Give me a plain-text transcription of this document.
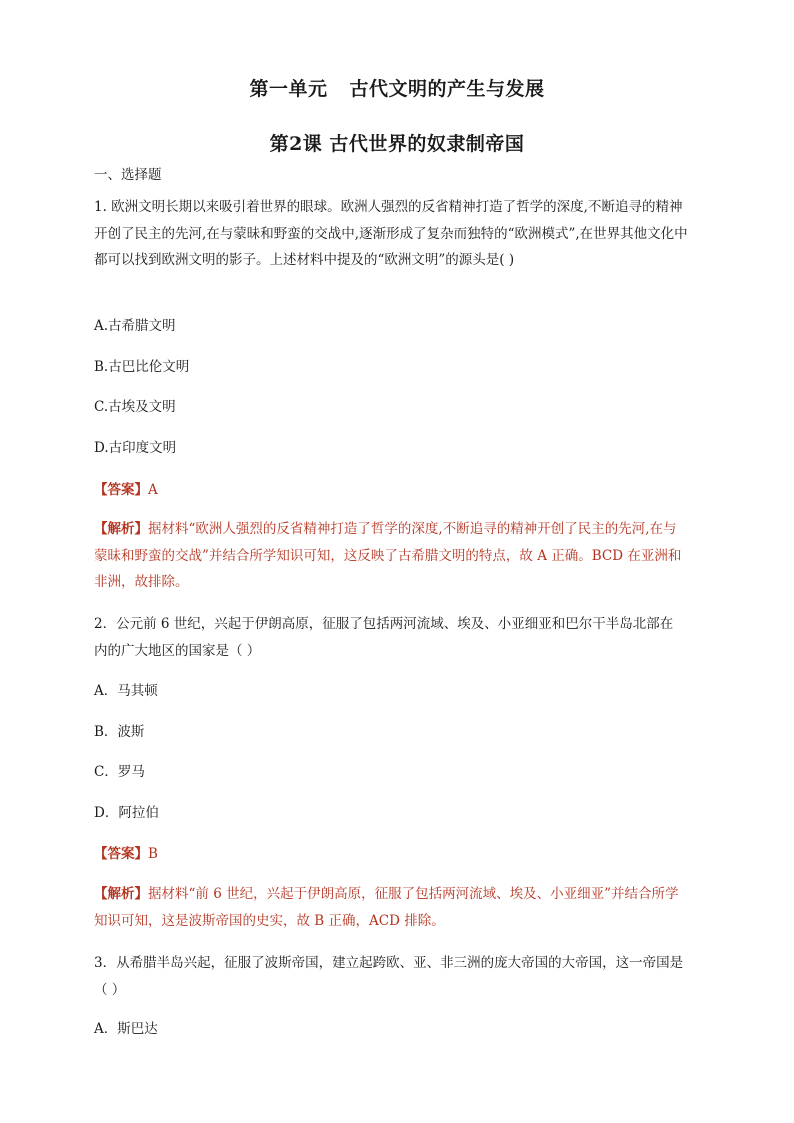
第一单元 古代文明的产生与发展
第2课 古代世界的奴隶制帝国
一、选择题
1. 欧洲文明长期以来吸引着世界的眼球。欧洲人强烈的反省精神打造了哲学的深度,不断追寻的精神
开创了民主的先河,在与蒙昧和野蛮的交战中,逐渐形成了复杂而独特的“欧洲模式”,在世界其他文化中
都可以找到欧洲文明的影子。上述材料中提及的“欧洲文明”的源头是( )
A.古希腊文明
B.古巴比伦文明
C.古埃及文明
D.古印度文明
【答案】A
【解析】据材料“欧洲人强烈的反省精神打造了哲学的深度,不断追寻的精神开创了民主的先河,在与
蒙昧和野蛮的交战”并结合所学知识可知，这反映了古希腊文明的特点，故 A 正确。BCD 在亚洲和
非洲，故排除。
2．公元前 6 世纪，兴起于伊朗高原，征服了包括两河流域、埃及、小亚细亚和巴尔干半岛北部在
内的广大地区的国家是（ ）
A．马其顿
B．波斯
C．罗马
D．阿拉伯
【答案】B
【解析】据材料“前 6 世纪，兴起于伊朗高原，征服了包括两河流域、埃及、小亚细亚”并结合所学
知识可知，这是波斯帝国的史实，故 B 正确，ACD 排除。
3．从希腊半岛兴起，征服了波斯帝国，建立起跨欧、亚、非三洲的庞大帝国的大帝国，这一帝国是
（ ）
A．斯巴达
